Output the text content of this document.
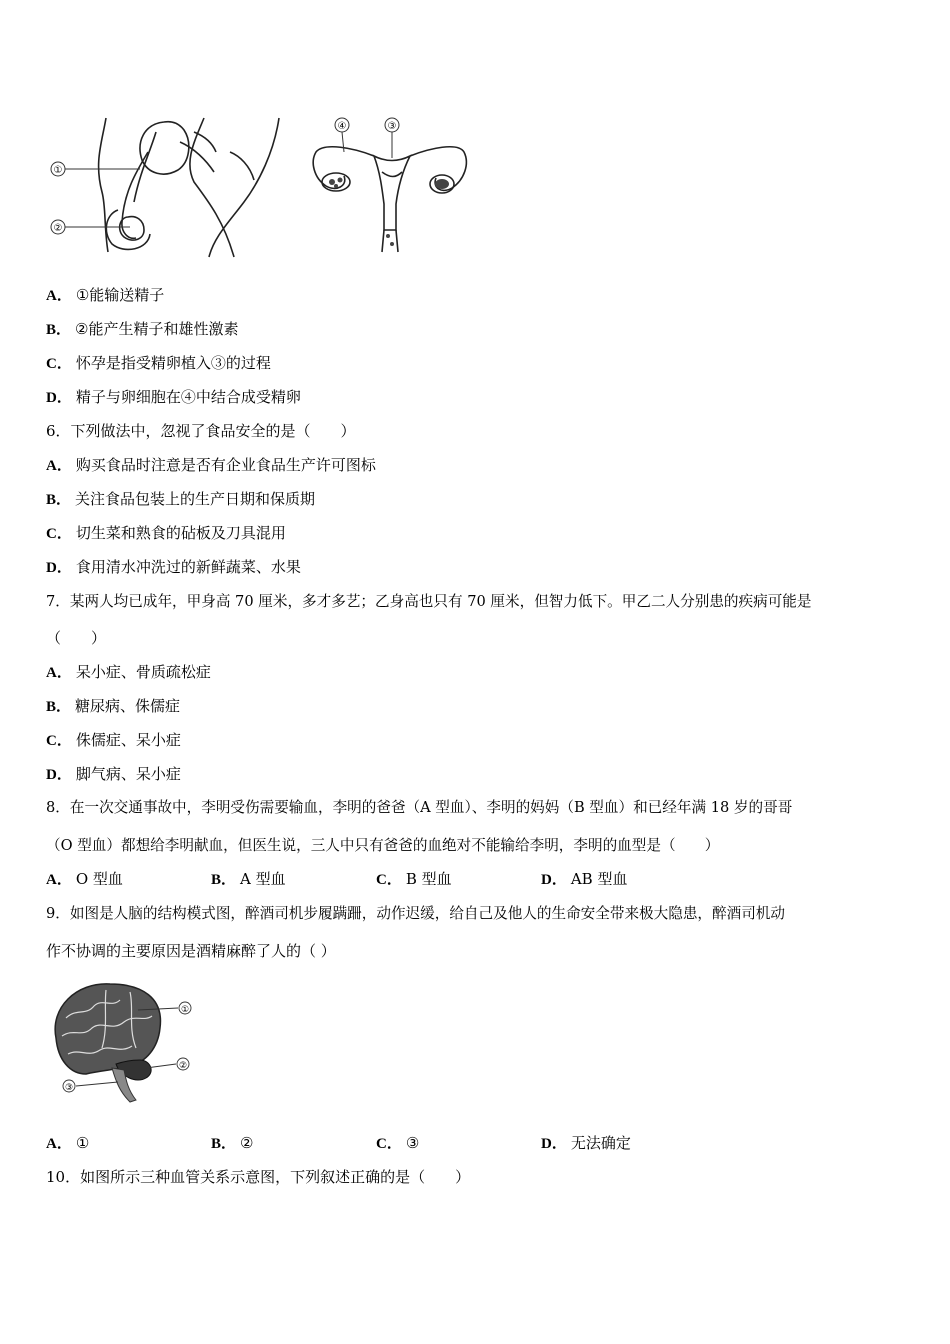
①
②
④	③
A． ①能输送精子
B． ②能产生精子和雄性激素
C． 怀孕是指受精卵植入③的过程
D． 精子与卵细胞在④中结合成受精卵
6．下列做法中，忽视了食品安全的是（　　）
A． 购买食品时注意是否有企业食品生产许可图标
B． 关注食品包装上的生产日期和保质期
C． 切生菜和熟食的砧板及刀具混用
D． 食用清水冲洗过的新鲜蔬菜、水果
7．某两人均已成年，甲身高 70 厘米，多才多艺；乙身高也只有 70 厘米，但智力低下。甲乙二人分别患的疾病可能是
（　　）
A． 呆小症、骨质疏松症
B． 糖尿病、侏儒症
C． 侏儒症、呆小症
D． 脚气病、呆小症
8．在一次交通事故中，李明受伤需要输血，李明的爸爸（A 型血）、李明的妈妈（B 型血）和已经年满 18 岁的哥哥
（O 型血）都想给李明献血，但医生说，三人中只有爸爸的血绝对不能输给李明，李明的血型是（　　）
A． O 型血	B． A 型血	C． B 型血	D． AB 型血
9．如图是人脑的结构模式图，醉酒司机步履蹒跚，动作迟缓，给自己及他人的生命安全带来极大隐患，醉酒司机动
作不协调的主要原因是酒精麻醉了人的（ ）
①
②
③
A． ①	B． ②	C． ③	D． 无法确定
10．如图所示三种血管关系示意图，下列叙述正确的是（　　）
